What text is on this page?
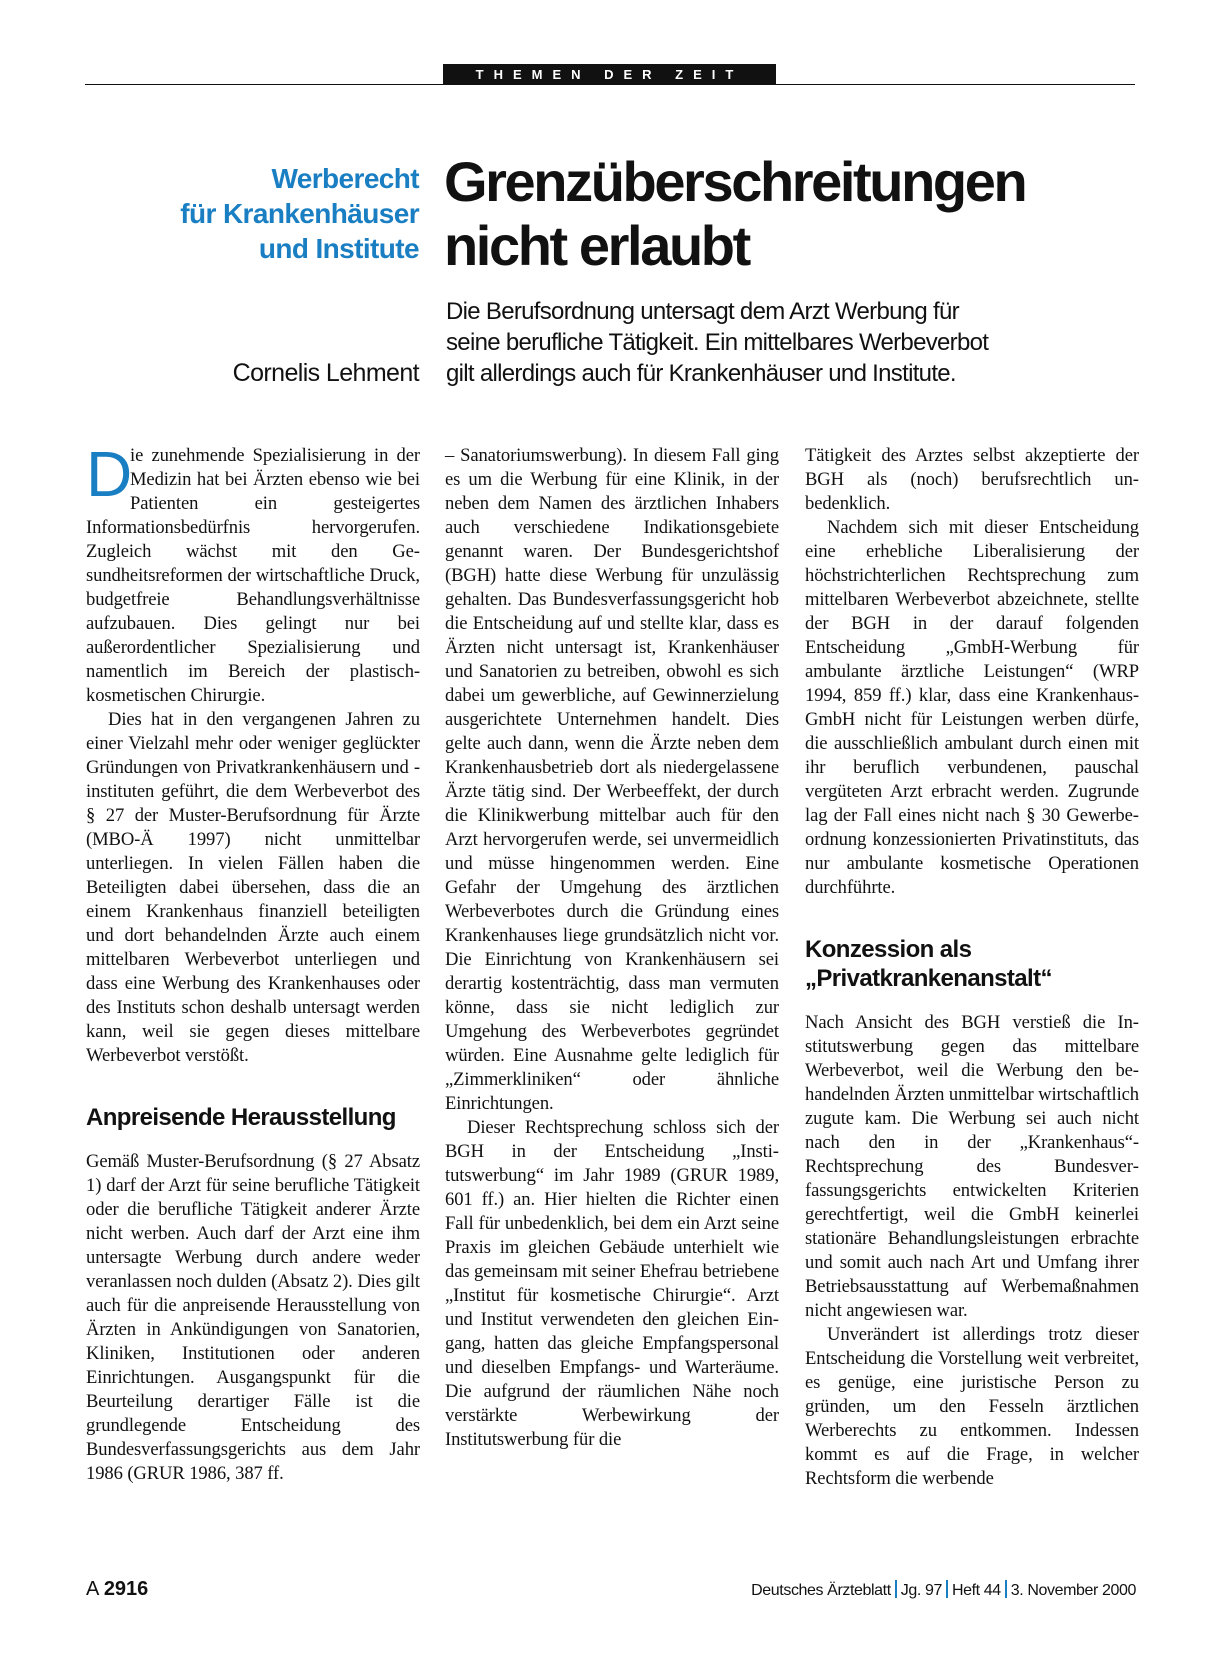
THEMEN DER ZEIT
Werberecht
für Krankenhäuser
und Institute
Grenzüberschreitungen
nicht erlaubt
Die Berufsordnung untersagt dem Arzt Werbung für
seine berufliche Tätigkeit. Ein mittelbares Werbeverbot
gilt allerdings auch für Krankenhäuser und Institute.
Cornelis Lehment

D
ie zunehmende Spezialisierung in der Medizin hat bei Ärzten ebenso wie bei Patienten ein gesteigertes Informationsbedürfnis hervorgerufen. Zugleich wächst mit den Gesundheitsreformen der wirtschaftliche Druck, budgetfreie Behandlungsverhältnisse aufzubauen. Dies gelingt nur bei außerordentlicher Spezialisierung und namentlich im Bereich der plastisch-kosmetischen Chirurgie.

Dies hat in den vergangenen Jahren zu einer Vielzahl mehr oder weniger geglückter Gründungen von Privatkrankenhäusern und -instituten geführt, die dem Werbeverbot des § 27 der Muster-Berufsordnung für Ärzte (MBO-Ä 1997) nicht unmittelbar unterliegen. In vielen Fällen haben die Beteiligten dabei übersehen, dass die an einem Krankenhaus finanziell beteiligten und dort behandelnden Ärzte auch einem mittelbaren Werbeverbot unterliegen und dass eine Werbung des Krankenhauses oder des Instituts schon deshalb untersagt werden kann, weil sie gegen dieses mittelbare Werbeverbot verstößt.

Anpreisende Herausstellung

Gemäß Muster-Berufsordnung (§ 27 Absatz 1) darf der Arzt für seine berufliche Tätigkeit oder die berufliche Tätigkeit anderer Ärzte nicht werben. Auch darf der Arzt eine ihm untersagte Werbung durch andere weder veranlassen noch dulden (Absatz 2). Dies gilt auch für die anpreisende Herausstellung von Ärzten in Ankündigungen von Sanatorien, Kliniken, Institutionen oder anderen Einrichtungen. Ausgangspunkt für die Beurteilung derartiger Fälle ist die grundlegende Entscheidung des Bundesverfassungsgerichts aus dem Jahr 1986 (GRUR 1986, 387 ff.

– Sanatoriumswerbung). In diesem Fall ging es um die Werbung für eine Klinik, in der neben dem Namen des ärztlichen Inhabers auch verschiedene Indikationsgebiete genannt waren. Der Bundesgerichtshof (BGH) hatte diese Werbung für unzulässig gehalten. Das Bundesverfassungsgericht hob die Entscheidung auf und stellte klar, dass es Ärzten nicht untersagt ist, Krankenhäuser und Sanatorien zu betreiben, obwohl es sich dabei um gewerbliche, auf Gewinnerzielung ausgerichtete Unternehmen handelt. Dies gelte auch dann, wenn die Ärzte neben dem Krankenhausbetrieb dort als niedergelassene Ärzte tätig sind. Der Werbeeffekt, der durch die Klinikwerbung mittelbar auch für den Arzt hervorgerufen werde, sei unvermeidlich und müsse hingenommen werden. Eine Gefahr der Umgehung des ärztlichen Werbeverbotes durch die Gründung eines Krankenhauses liege grundsätzlich nicht vor. Die Einrichtung von Krankenhäusern sei derartig kostenträchtig, dass man vermuten könne, dass sie nicht lediglich zur Umgehung des Werbeverbotes gegründet würden. Eine Ausnahme gelte lediglich für „Zimmerkliniken“ oder ähnliche Einrichtungen.

Dieser Rechtsprechung schloss sich der BGH in der Entscheidung „Institutswerbung“ im Jahr 1989 (GRUR 1989, 601 ff.) an. Hier hielten die Richter einen Fall für unbedenklich, bei dem ein Arzt seine Praxis im gleichen Gebäude unterhielt wie das gemeinsam mit seiner Ehefrau betriebene „Institut für kosmetische Chirurgie“. Arzt und Institut verwendeten den gleichen Eingang, hatten das gleiche Empfangspersonal und dieselben Empfangs- und Warteräume. Die aufgrund der räumlichen Nähe noch verstärkte Werbewirkung der Institutswerbung für die

Tätigkeit des Arztes selbst akzeptierte der BGH als (noch) berufsrechtlich unbedenklich.

Nachdem sich mit dieser Entscheidung eine erhebliche Liberalisierung der höchstrichterlichen Rechtsprechung zum mittelbaren Werbeverbot abzeichnete, stellte der BGH in der darauf folgenden Entscheidung „GmbH-Werbung für ambulante ärztliche Leistungen“ (WRP 1994, 859 ff.) klar, dass eine Krankenhaus-GmbH nicht für Leistungen werben dürfe, die ausschließlich ambulant durch einen mit ihr beruflich verbundenen, pauschal vergüteten Arzt erbracht werden. Zugrunde lag der Fall eines nicht nach § 30 Gewerbeordnung konzessionierten Privatinstituts, das nur ambulante kosmetische Operationen durchführte.

Konzession als
„Privatkrankenanstalt“

Nach Ansicht des BGH verstieß die Institutswerbung gegen das mittelbare Werbeverbot, weil die Werbung den behandelnden Ärzten unmittelbar wirtschaftlich zugute kam. Die Werbung sei auch nicht nach den in der „Krankenhaus“-Rechtsprechung des Bundesverfassungsgerichts entwickelten Kriterien gerechtfertigt, weil die GmbH keinerlei stationäre Behandlungsleistungen erbrachte und somit auch nach Art und Umfang ihrer Betriebsausstattung auf Werbemaßnahmen nicht angewiesen war.

Unverändert ist allerdings trotz dieser Entscheidung die Vorstellung weit verbreitet, es genüge, eine juristische Person zu gründen, um den Fesseln ärztlichen Werberechts zu entkommen. Indessen kommt es auf die Frage, in welcher Rechtsform die werbende

A 2916	Deutsches Ärzteblatt Jg. 97 Heft 44 3. November 2000
